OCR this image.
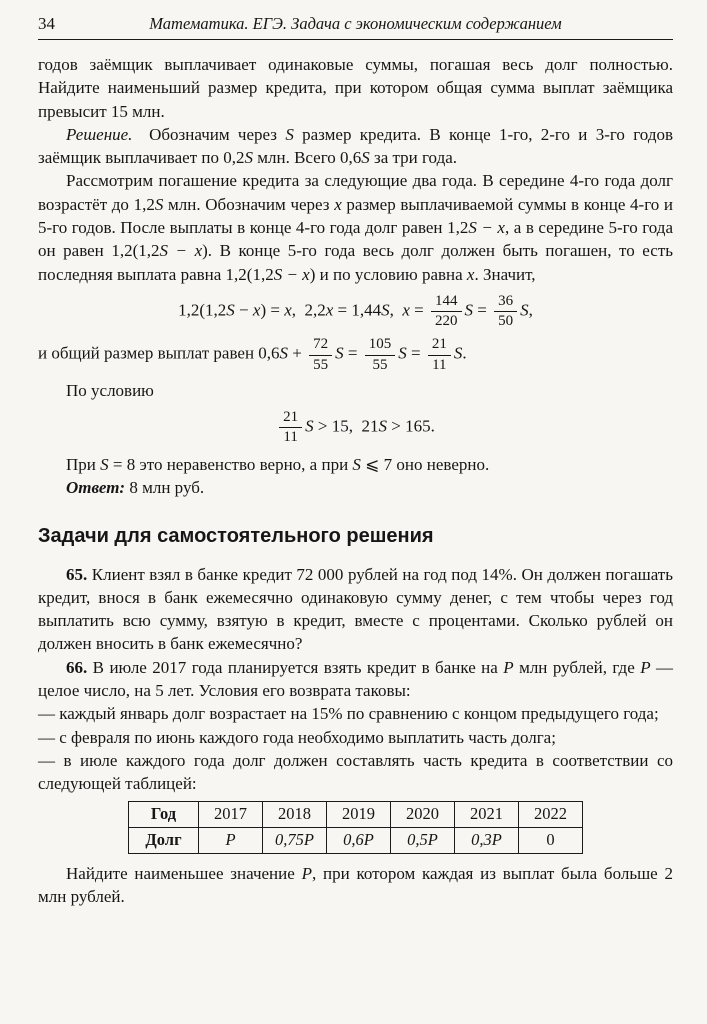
34	Математика. ЕГЭ. Задача с экономическим содержанием

годов заёмщик выплачивает одинаковые суммы, погашая весь долг полностью. Найдите наименьший размер кредита, при котором общая сумма выплат заёмщика превысит 15 млн.

Решение.  Обозначим через S размер кредита. В конце 1-го, 2-го и 3-го годов заёмщик выплачивает по 0,2S млн. Всего 0,6S за три года.

Рассмотрим погашение кредита за следующие два года. В середине 4-го года долг возрастёт до 1,2S млн. Обозначим через x размер выплачиваемой суммы в конце 4-го и 5-го годов. После выплаты в конце 4-го года долг равен 1,2S − x, а в середине 5-го года он равен 1,2(1,2S − x). В конце 5-го года весь долг должен быть погашен, то есть последняя выплата равна 1,2(1,2S − x) и по условию равна x. Значит,

1,2(1,2S − x) = x,  2,2x = 1,44S,  $x = \frac{144}{220}$ $S = \frac{36}{50} S$,

и общий размер выплат равен $0,6S + \frac{72}{55}$ $S = \frac{105}{55}$ $S = \frac{21}{11} S$.

По условию

$\frac{21}{11}$ S > 15,  21S > 165.

При S = 8 это неравенство верно, а при S ⩽ 7 оно неверно.

Ответ: 8 млн руб.

Задачи для самостоятельного решения

65. Клиент взял в банке кредит 72 000 рублей на год под 14%. Он должен погашать кредит, внося в банк ежемесячно одинаковую сумму денег, с тем чтобы через год выплатить всю сумму, взятую в кредит, вместе с процентами. Сколько рублей он должен вносить в банк ежемесячно?

66. В июле 2017 года планируется взять кредит в банке на P млн рублей, где P — целое число, на 5 лет. Условия его возврата таковы:

— каждый январь долг возрастает на 15% по сравнению с концом предыдущего года;

— с февраля по июнь каждого года необходимо выплатить часть долга;

— в июле каждого года долг должен составлять часть кредита в соответствии со следующей таблицей:

Год	2017	2018	2019	2020	2021	2022
Долг	P	0,75P	0,6P	0,5P	0,3P	0

Найдите наименьшее значение P, при котором каждая из выплат была больше 2 млн рублей.
